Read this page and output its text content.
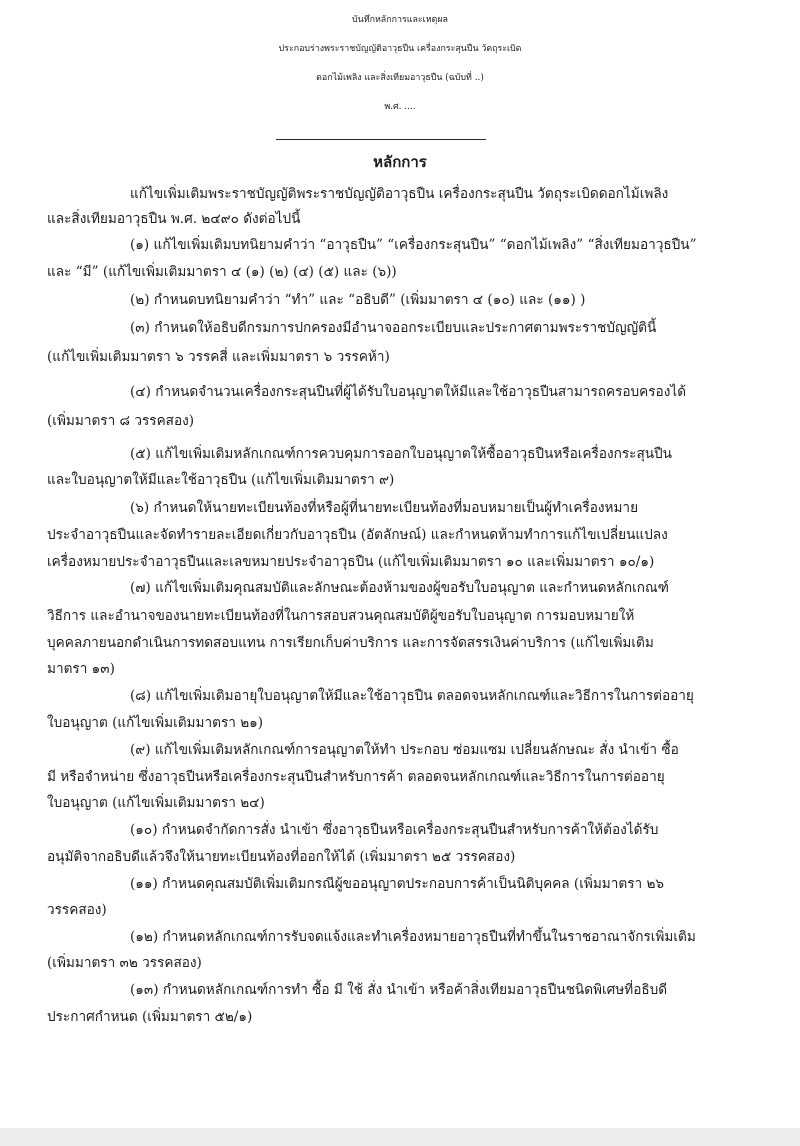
บันทึกหลักการและเหตุผล
ประกอบร่างพระราชบัญญัติอาวุธปืน เครื่องกระสุนปืน วัตถุระเบิด
ดอกไม้เพลิง และสิ่งเทียมอาวุธปืน (ฉบับที่ ..)
พ.ศ. ....
หลักการ
แก้ไขเพิ่มเติมพระราชบัญญัติพระราชบัญญัติอาวุธปืน เครื่องกระสุนปืน วัตถุระเบิดดอกไม้เพลิง
และสิ่งเทียมอาวุธปืน พ.ศ. ๒๔๙๐ ดังต่อไปนี้
(๑) แก้ไขเพิ่มเติมบทนิยามคำว่า “อาวุธปืน” “เครื่องกระสุนปืน” “ดอกไม้เพลิง” “สิ่งเทียมอาวุธปืน”
และ “มี” (แก้ไขเพิ่มเติมมาตรา ๔ (๑) (๒) (๔) (๕) และ (๖))
(๒) กำหนดบทนิยามคำว่า “ทำ” และ “อธิบดี” (เพิ่มมาตรา ๔ (๑๐) และ (๑๑) )
(๓) กำหนดให้อธิบดีกรมการปกครองมีอำนาจออกระเบียบและประกาศตามพระราชบัญญัตินี้
(แก้ไขเพิ่มเติมมาตรา ๖ วรรคสี่ และเพิ่มมาตรา ๖ วรรคห้า)
(๔) กำหนดจำนวนเครื่องกระสุนปืนที่ผู้ได้รับใบอนุญาตให้มีและใช้อาวุธปืนสามารถครอบครองได้
(เพิ่มมาตรา ๘ วรรคสอง)
(๕) แก้ไขเพิ่มเติมหลักเกณฑ์การควบคุมการออกใบอนุญาตให้ซื้ออาวุธปืนหรือเครื่องกระสุนปืน
และใบอนุญาตให้มีและใช้อาวุธปืน (แก้ไขเพิ่มเติมมาตรา ๙)
(๖) กำหนดให้นายทะเบียนท้องที่หรือผู้ที่นายทะเบียนท้องที่มอบหมายเป็นผู้ทำเครื่องหมาย
ประจำอาวุธปืนและจัดทำรายละเอียดเกี่ยวกับอาวุธปืน (อัตลักษณ์) และกำหนดห้ามทำการแก้ไขเปลี่ยนแปลง
เครื่องหมายประจำอาวุธปืนและเลขหมายประจำอาวุธปืน (แก้ไขเพิ่มเติมมาตรา ๑๐ และเพิ่มมาตรา ๑๐/๑)
(๗) แก้ไขเพิ่มเติมคุณสมบัติและลักษณะต้องห้ามของผู้ขอรับใบอนุญาต และกำหนดหลักเกณฑ์
วิธีการ และอำนาจของนายทะเบียนท้องที่ในการสอบสวนคุณสมบัติผู้ขอรับใบอนุญาต การมอบหมายให้
บุคคลภายนอกดำเนินการทดสอบแทน การเรียกเก็บค่าบริการ และการจัดสรรเงินค่าบริการ (แก้ไขเพิ่มเติม
มาตรา ๑๓)
(๘) แก้ไขเพิ่มเติมอายุใบอนุญาตให้มีและใช้อาวุธปืน ตลอดจนหลักเกณฑ์และวิธีการในการต่ออายุ
ใบอนุญาต (แก้ไขเพิ่มเติมมาตรา ๒๑)
(๙) แก้ไขเพิ่มเติมหลักเกณฑ์การอนุญาตให้ทำ ประกอบ ซ่อมแซม เปลี่ยนลักษณะ สั่ง นำเข้า ซื้อ
มี หรือจำหน่าย ซึ่งอาวุธปืนหรือเครื่องกระสุนปืนสำหรับการค้า ตลอดจนหลักเกณฑ์และวิธีการในการต่ออายุ
ใบอนุญาต (แก้ไขเพิ่มเติมมาตรา ๒๔)
(๑๐) กำหนดจำกัดการสั่ง นำเข้า ซึ่งอาวุธปืนหรือเครื่องกระสุนปืนสำหรับการค้าให้ต้องได้รับ
อนุมัติจากอธิบดีแล้วจึงให้นายทะเบียนท้องที่ออกให้ได้ (เพิ่มมาตรา ๒๕ วรรคสอง)
(๑๑) กำหนดคุณสมบัติเพิ่มเติมกรณีผู้ขออนุญาตประกอบการค้าเป็นนิติบุคคล (เพิ่มมาตรา ๒๖
วรรคสอง)
(๑๒) กำหนดหลักเกณฑ์การรับจดแจ้งและทำเครื่องหมายอาวุธปืนที่ทำขึ้นในราชอาณาจักรเพิ่มเติม
(เพิ่มมาตรา ๓๒ วรรคสอง)
(๑๓) กำหนดหลักเกณฑ์การทำ ซื้อ มี ใช้ สั่ง นำเข้า หรือค้าสิ่งเทียมอาวุธปืนชนิดพิเศษที่อธิบดี
ประกาศกำหนด (เพิ่มมาตรา ๕๒/๑)
